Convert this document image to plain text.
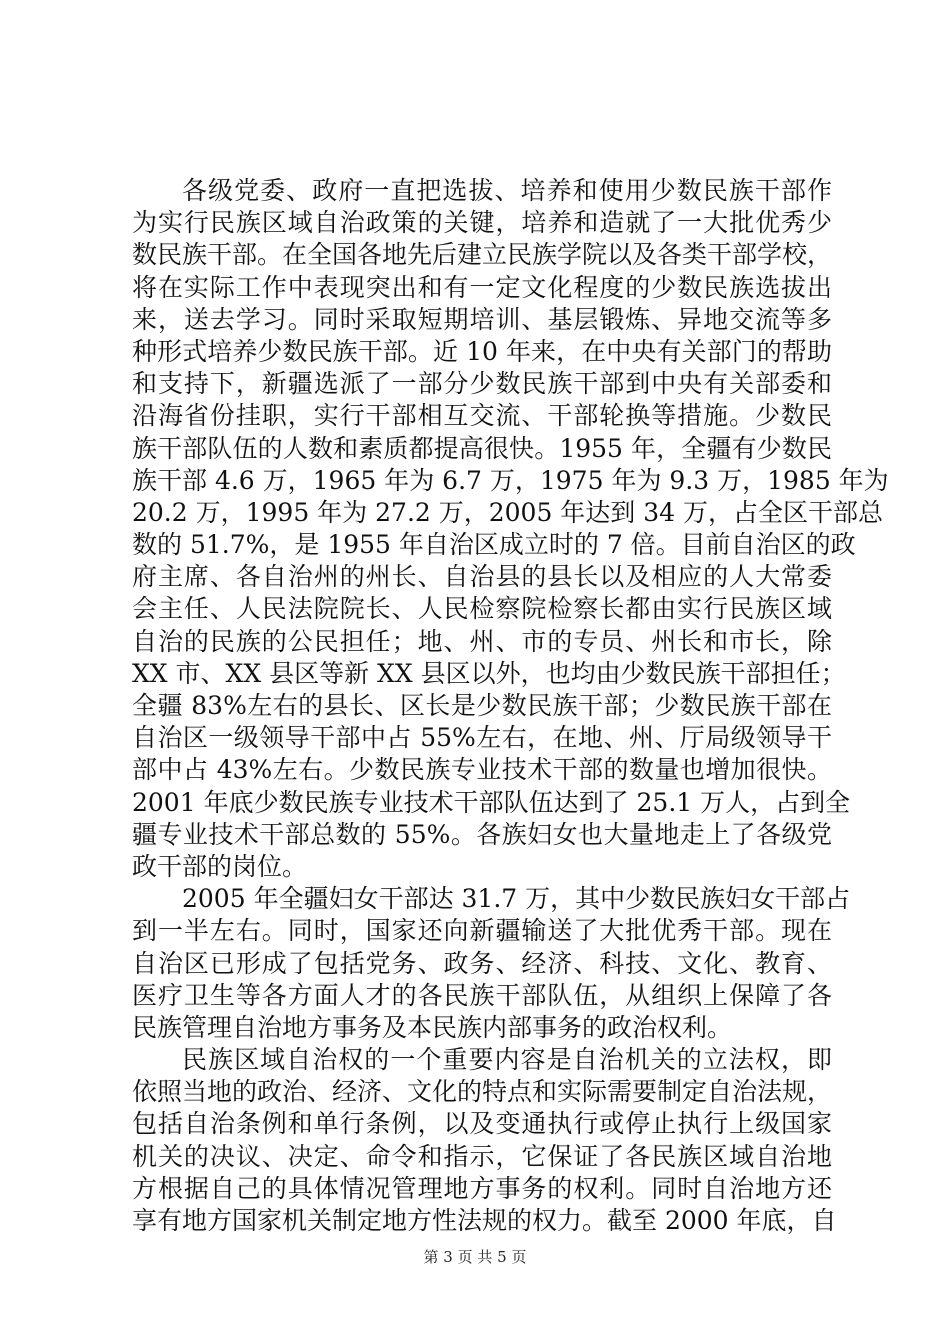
各级党委、政府一直把选拔、培养和使用少数民族干部作
为实行民族区域自治政策的关键，培养和造就了一大批优秀少
数民族干部。在全国各地先后建立民族学院以及各类干部学校，
将在实际工作中表现突出和有一定文化程度的少数民族选拔出
来，送去学习。同时采取短期培训、基层锻炼、异地交流等多
种形式培养少数民族干部。近 10 年来，在中央有关部门的帮助
和支持下，新疆选派了一部分少数民族干部到中央有关部委和
沿海省份挂职，实行干部相互交流、干部轮换等措施。少数民
族干部队伍的人数和素质都提高很快。1955 年，全疆有少数民
族干部 4.6 万，1965 年为 6.7 万，1975 年为 9.3 万，1985 年为
20.2 万，1995 年为 27.2 万，2005 年达到 34 万，占全区干部总
数的 51.7%，是 1955 年自治区成立时的 7 倍。目前自治区的政
府主席、各自治州的州长、自治县的县长以及相应的人大常委
会主任、人民法院院长、人民检察院检察长都由实行民族区域
自治的民族的公民担任；地、州、市的专员、州长和市长，除
XX 市、XX 县区等新 XX 县区以外，也均由少数民族干部担任；
全疆 83%左右的县长、区长是少数民族干部；少数民族干部在
自治区一级领导干部中占 55%左右，在地、州、厅局级领导干
部中占 43%左右。少数民族专业技术干部的数量也增加很快。
2001 年底少数民族专业技术干部队伍达到了 25.1 万人，占到全
疆专业技术干部总数的 55%。各族妇女也大量地走上了各级党
政干部的岗位。
2005 年全疆妇女干部达 31.7 万，其中少数民族妇女干部占
到一半左右。同时，国家还向新疆输送了大批优秀干部。现在
自治区已形成了包括党务、政务、经济、科技、文化、教育、
医疗卫生等各方面人才的各民族干部队伍，从组织上保障了各
民族管理自治地方事务及本民族内部事务的政治权利。
民族区域自治权的一个重要内容是自治机关的立法权，即
依照当地的政治、经济、文化的特点和实际需要制定自治法规，
包括自治条例和单行条例，以及变通执行或停止执行上级国家
机关的决议、决定、命令和指示，它保证了各民族区域自治地
方根据自己的具体情况管理地方事务的权利。同时自治地方还
享有地方国家机关制定地方性法规的权力。截至 2000 年底，自
第 3 页 共 5 页
